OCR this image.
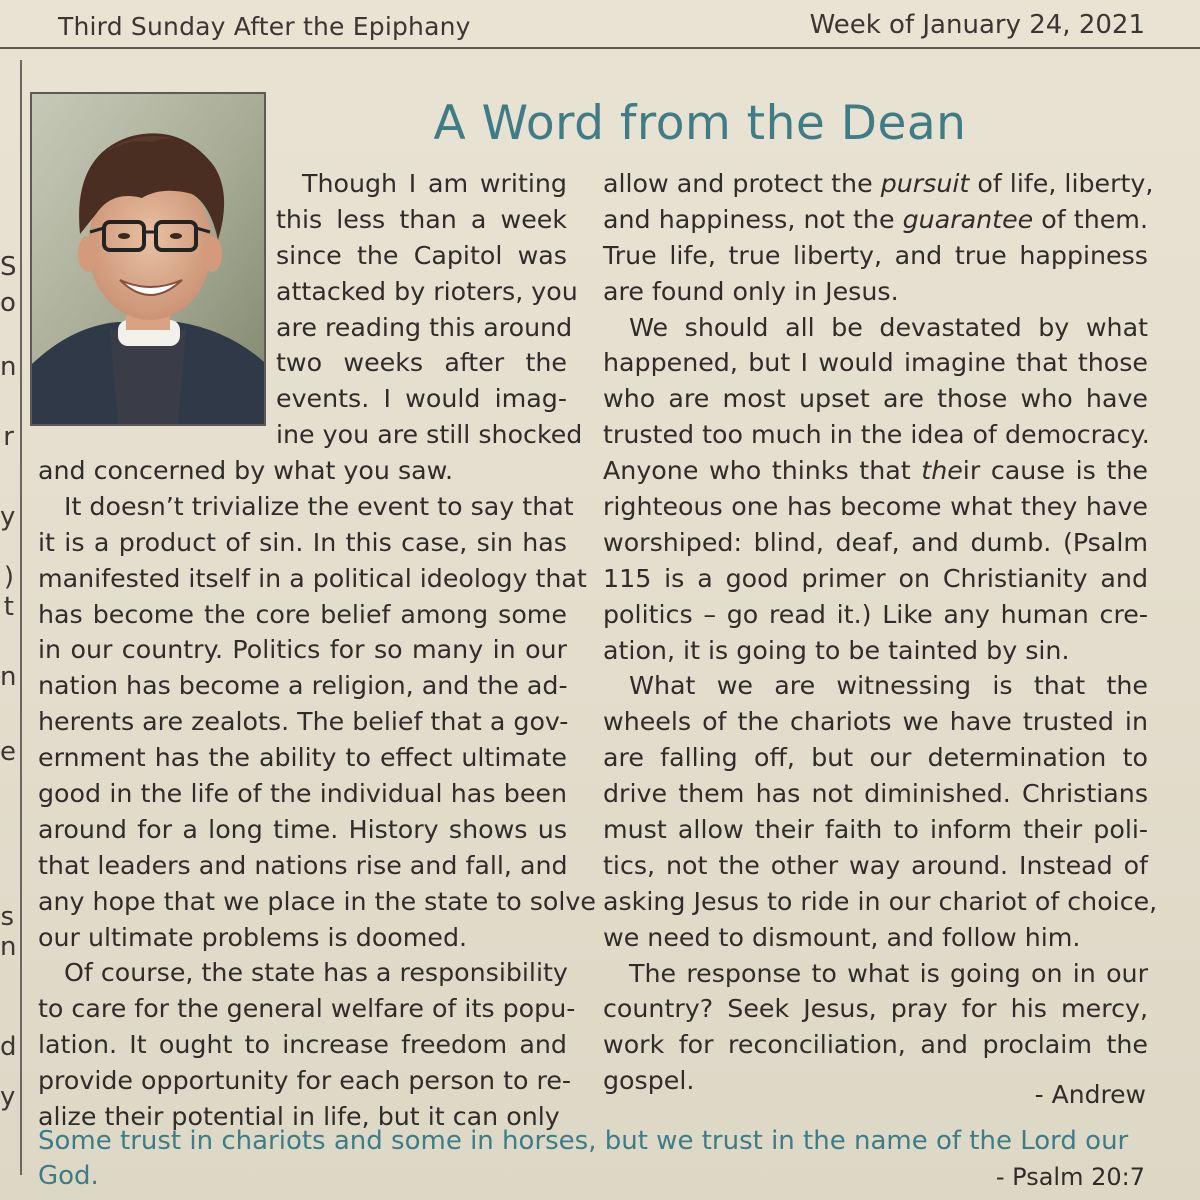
Third Sunday After the Epiphany	Week of January 24, 2021
S
o
n
r
y
)
t
n
e
s
n
d
y
A Word from the Dean
Though I am writing
this less than a week
since the Capitol was
attacked by rioters, you
are reading this around
two weeks after the
events. I would imag-
ine you are still shocked
and concerned by what you saw.
It doesn’t trivialize the event to say that
it is a product of sin. In this case, sin has
manifested itself in a political ideology that
has become the core belief among some
in our country. Politics for so many in our
nation has become a religion, and the ad-
herents are zealots. The belief that a gov-
ernment has the ability to effect ultimate
good in the life of the individual has been
around for a long time. History shows us
that leaders and nations rise and fall, and
any hope that we place in the state to solve
our ultimate problems is doomed.
Of course, the state has a responsibility
to care for the general welfare of its popu-
lation. It ought to increase freedom and
provide opportunity for each person to re-
alize their potential in life, but it can only
allow and protect the pursuit of life, liberty,
and happiness, not the guarantee of them.
True life, true liberty, and true happiness
are found only in Jesus.
We should all be devastated by what
happened, but I would imagine that those
who are most upset are those who have
trusted too much in the idea of democracy.
Anyone who thinks that their cause is the
righteous one has become what they have
worshiped: blind, deaf, and dumb. (Psalm
115 is a good primer on Christianity and
politics – go read it.) Like any human cre-
ation, it is going to be tainted by sin.
What we are witnessing is that the
wheels of the chariots we have trusted in
are falling off, but our determination to
drive them has not diminished. Christians
must allow their faith to inform their poli-
tics, not the other way around. Instead of
asking Jesus to ride in our chariot of choice,
we need to dismount, and follow him.
The response to what is going on in our
country? Seek Jesus, pray for his mercy,
work for reconciliation, and proclaim the
gospel.	- Andrew
Some trust in chariots and some in horses, but we trust in the name of the Lord our God.	- Psalm 20:7
